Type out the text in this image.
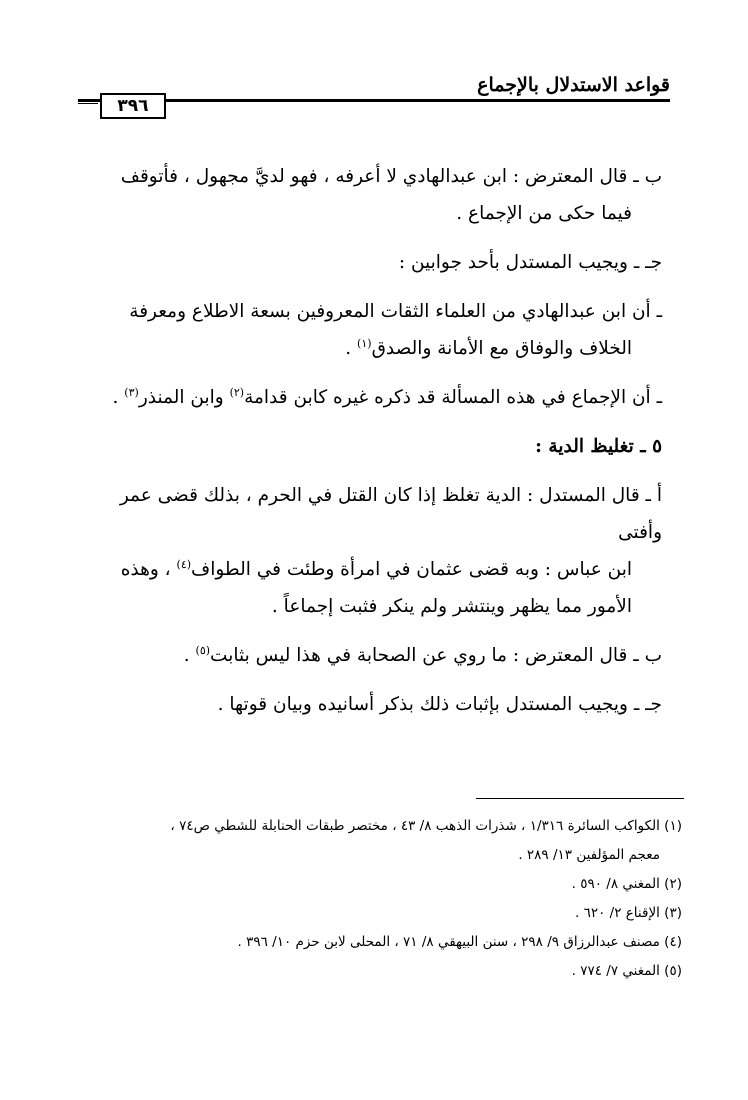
قواعد الاستدلال بالإجماع
٣٩٦
ب ـ قال المعترض : ابن عبدالهادي لا أعرفه ، فهو لديَّ مجهول ، فأتوقف
فيما حكى من الإجماع .
جـ ـ ويجيب المستدل بأحد جوابين :
ـ أن ابن عبدالهادي من العلماء الثقات المعروفين بسعة الاطلاع ومعرفة
الخلاف والوفاق مع الأمانة والصدق$^{(١)}$ .
ـ أن الإجماع في هذه المسألة قد ذكره غيره كابن قدامة$^{(٢)}$ وابن المنذر$^{(٣)}$ .
٥ ـ تغليظ الدية :
أ ـ قال المستدل : الدية تغلظ إذا كان القتل في الحرم ، بذلك قضى عمر وأفتى
ابن عباس : وبه قضى عثمان في امرأة وطئت في الطواف$^{(٤)}$ ، وهذه
الأمور مما يظهر وينتشر ولم ينكر فثبت إجماعاً .
ب ـ قال المعترض : ما روي عن الصحابة في هذا ليس بثابت$^{(٥)}$ .
جـ ـ ويجيب المستدل بإثبات ذلك بذكر أسانيده وبيان قوتها .
(١) الكواكب السائرة ١/٣١٦ ، شذرات الذهب ٨/ ٤٣ ، مختصر طبقات الحنابلة للشطي ص٧٤ ،
معجم المؤلفين ١٣/ ٢٨٩ .
(٢) المغني ٨/ ٥٩٠ .
(٣) الإقناع ٢/ ٦٢٠ .
(٤) مصنف عبدالرزاق ٩/ ٢٩٨ ، سنن البيهقي ٨/ ٧١ ، المحلى لابن حزم ١٠/ ٣٩٦ .
(٥) المغني ٧/ ٧٧٤ .
